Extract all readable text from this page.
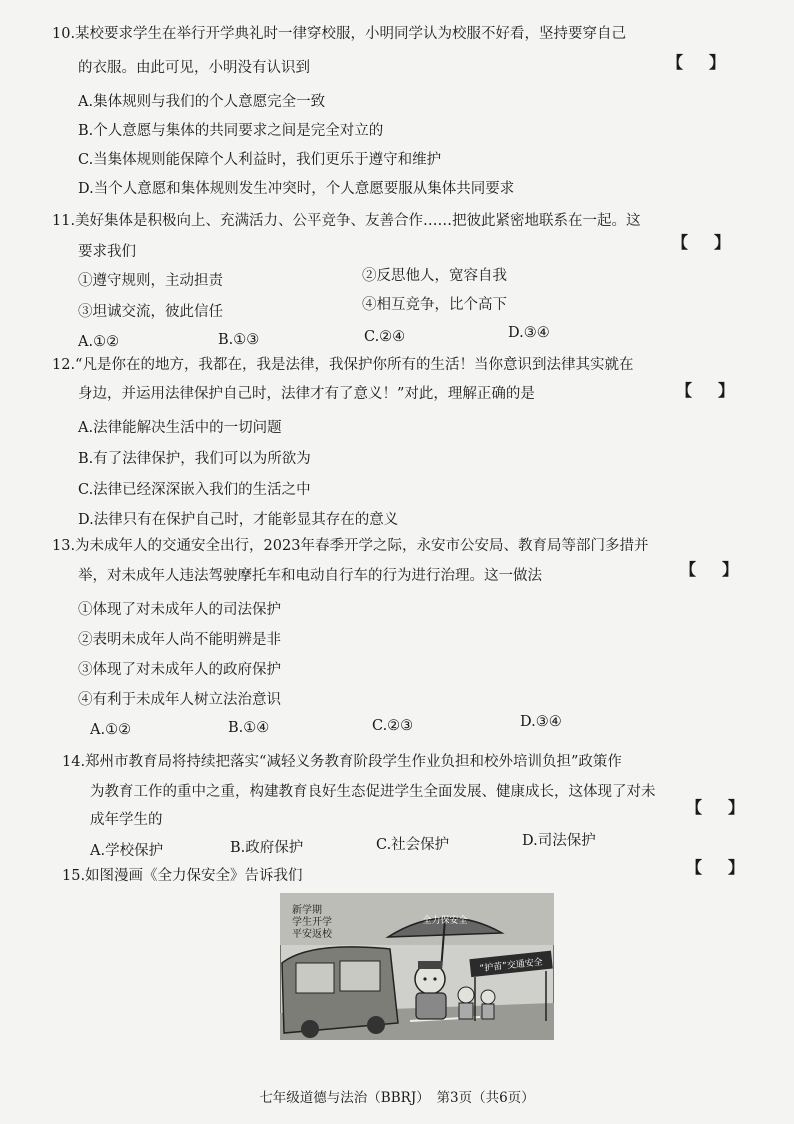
10.某校要求学生在举行开学典礼时一律穿校服，小明同学认为校服不好看，坚持要穿自己
的衣服。由此可见，小明没有认识到	【 】
A.集体规则与我们的个人意愿完全一致
B.个人意愿与集体的共同要求之间是完全对立的
C.当集体规则能保障个人利益时，我们更乐于遵守和维护
D.当个人意愿和集体规则发生冲突时，个人意愿要服从集体共同要求
11.美好集体是积极向上、充满活力、公平竞争、友善合作……把彼此紧密地联系在一起。这
要求我们	【 】
①遵守规则，主动担责	②反思他人，宽容自我
③坦诚交流，彼此信任	④相互竞争，比个高下
A.①②	B.①③	C.②④	D.③④
12.“凡是你在的地方，我都在，我是法律，我保护你所有的生活！当你意识到法律其实就在
身边，并运用法律保护自己时，法律才有了意义！”对此，理解正确的是	【 】
A.法律能解决生活中的一切问题
B.有了法律保护，我们可以为所欲为
C.法律已经深深嵌入我们的生活之中
D.法律只有在保护自己时，才能彰显其存在的意义
13.为未成年人的交通安全出行，2023年春季开学之际，永安市公安局、教育局等部门多措并
举，对未成年人违法驾驶摩托车和电动自行车的行为进行治理。这一做法	【 】
①体现了对未成年人的司法保护
②表明未成年人尚不能明辨是非
③体现了对未成年人的政府保护
④有利于未成年人树立法治意识
A.①②	B.①④	C.②③	D.③④
14.郑州市教育局将持续把落实“减轻义务教育阶段学生作业负担和校外培训负担”政策作
为教育工作的重中之重，构建教育良好生态促进学生全面发展、健康成长，这体现了对未
成年学生的
【 】
A.学校保护	B.政府保护	C.社会保护	D.司法保护
15.如图漫画《全力保安全》告诉我们	【 】
全力保安全
新学期
学生开学
平安返校
“护苗”交通安全
七年级道德与法治（BBRJ）　第3页（共6页）
